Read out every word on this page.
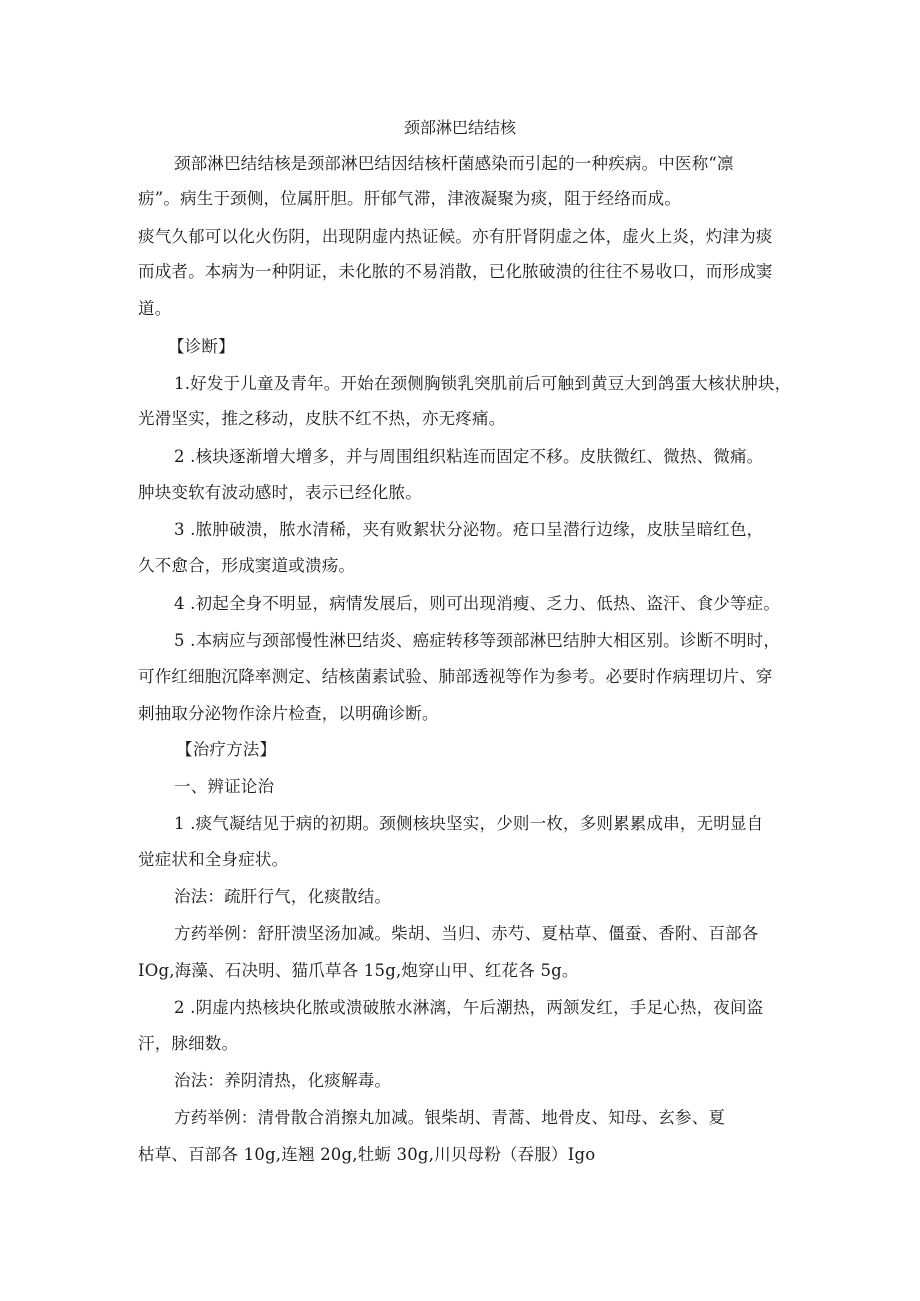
颈部淋巴结结核
颈部淋巴结结核是颈部淋巴结因结核杆菌感染而引起的一种疾病。中医称“凛
疬”。病生于颈侧，位属肝胆。肝郁气滞，津液凝聚为痰，阻于经络而成。
痰气久郁可以化火伤阴，出现阴虚内热证候。亦有肝肾阴虚之体，虚火上炎，灼津为痰
而成者。本病为一种阴证，未化脓的不易消散，已化脓破溃的往往不易收口，而形成窦
道。
【诊断】
1.好发于儿童及青年。开始在颈侧胸锁乳突肌前后可触到黄豆大到鸽蛋大核状肿块，
光滑坚实，推之移动，皮肤不红不热，亦无疼痛。
2 .核块逐渐增大增多，并与周围组织粘连而固定不移。皮肤微红、微热、微痛。
肿块变软有波动感时，表示已经化脓。
3 .脓肿破溃，脓水清稀，夹有败絮状分泌物。疮口呈潜行边缘，皮肤呈暗红色，
久不愈合，形成窦道或溃疡。
4 .初起全身不明显，病情发展后，则可出现消瘦、乏力、低热、盗汗、食少等症。
5 .本病应与颈部慢性淋巴结炎、癌症转移等颈部淋巴结肿大相区别。诊断不明时，
可作红细胞沉降率测定、结核菌素试验、肺部透视等作为参考。必要时作病理切片、穿
刺抽取分泌物作涂片检查，以明确诊断。
【治疗方法】
一、辨证论治
1 .痰气凝结见于病的初期。颈侧核块坚实，少则一枚，多则累累成串，无明显自
觉症状和全身症状。
治法：疏肝行气，化痰散结。
方药举例：舒肝溃坚汤加减。柴胡、当归、赤芍、夏枯草、僵蚕、香附、百部各
IOg,海藻、石决明、猫爪草各 15g,炮穿山甲、红花各 5g。
2 .阴虚内热核块化脓或溃破脓水淋漓，午后潮热，两颔发红，手足心热，夜间盗
汗，脉细数。
治法：养阴清热，化痰解毒。
方药举例：清骨散合消擦丸加减。银柴胡、青蒿、地骨皮、知母、玄参、夏
枯草、百部各 10g,连翘 20g,牡蛎 30g,川贝母粉（吞服）Igo
